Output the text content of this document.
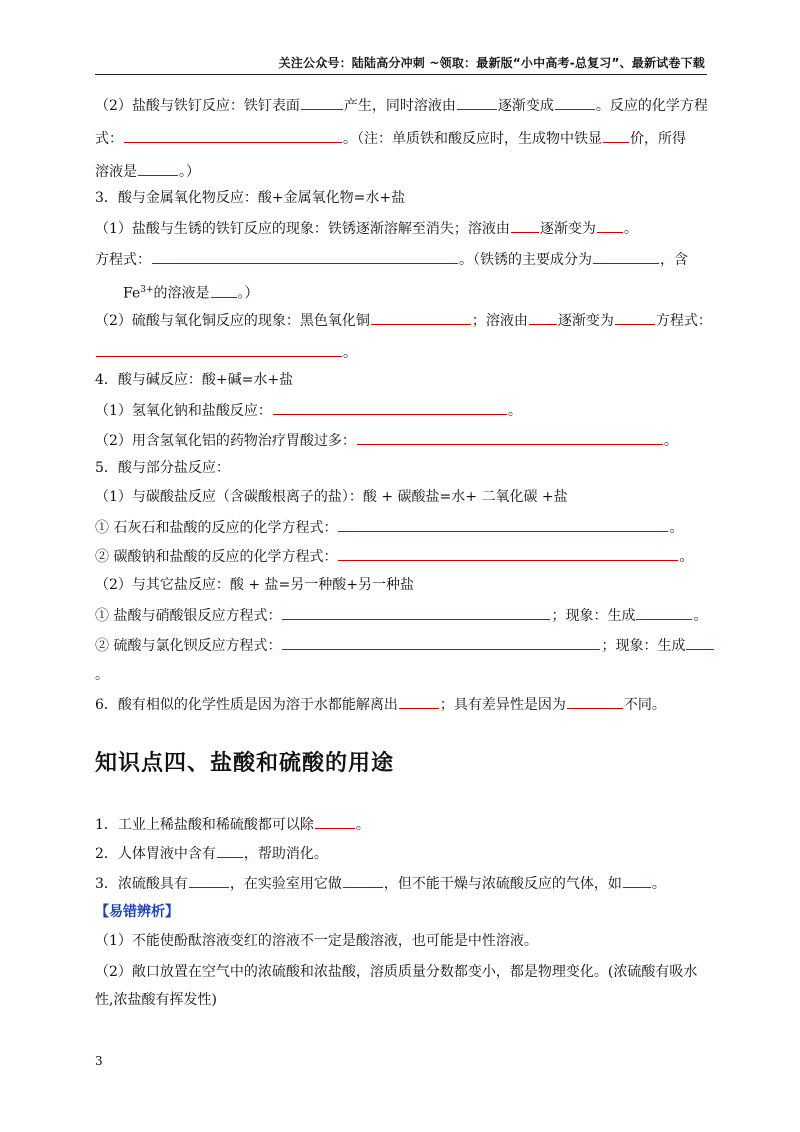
关注公众号：陆陆高分冲刺 ~领取：最新版“小中高考-总复习”、最新试卷下载
（2）盐酸与铁钉反应：铁钉表面	产生，同时溶液由	逐渐变成	。反应的化学方程
式：	。（注：单质铁和酸反应时，生成物中铁显 价，所得
溶液是	。）
3．酸与金属氧化物反应：酸+金属氧化物=水+盐
（1）盐酸与生锈的铁钉反应的现象：铁锈逐渐溶解至消失；溶液由 逐渐变为 。
方程式：	。（铁锈的主要成分为	，含
$Fe^{3+}$的溶液是 。）
（2）硫酸与氧化铜反应的现象：黑色氧化铜	；溶液由 逐渐变为	方程式：
。
4．酸与碱反应：酸+碱=水+盐
（1）氢氧化钠和盐酸反应：	。
（2）用含氢氧化铝的药物治疗胃酸过多：	。
5．酸与部分盐反应：
（1）与碳酸盐反应（含碳酸根离子的盐）：酸 + 碳酸盐=水+ 二氧化碳 +盐
① 石灰石和盐酸的反应的化学方程式：	。
② 碳酸钠和盐酸的反应的化学方程式：	。
（2）与其它盐反应：酸 + 盐=另一种酸+另一种盐
① 盐酸与硝酸银反应方程式：	；现象：生成	。
② 硫酸与氯化钡反应方程式：	；现象：生成
。
6．酸有相似的化学性质是因为溶于水都能解离出	；具有差异性是因为	不同。
知识点四、盐酸和硫酸的用途
1．工业上稀盐酸和稀硫酸都可以除	。
2．人体胃液中含有 ，帮助消化。
3．浓硫酸具有	，在实验室用它做	，但不能干燥与浓硫酸反应的气体，如 。
【易错辨析】
（1）不能使酚酞溶液变红的溶液不一定是酸溶液，也可能是中性溶液。
（2）敞口放置在空气中的浓硫酸和浓盐酸，溶质质量分数都变小，都是物理变化。(浓硫酸有吸水
性,浓盐酸有挥发性)
3
